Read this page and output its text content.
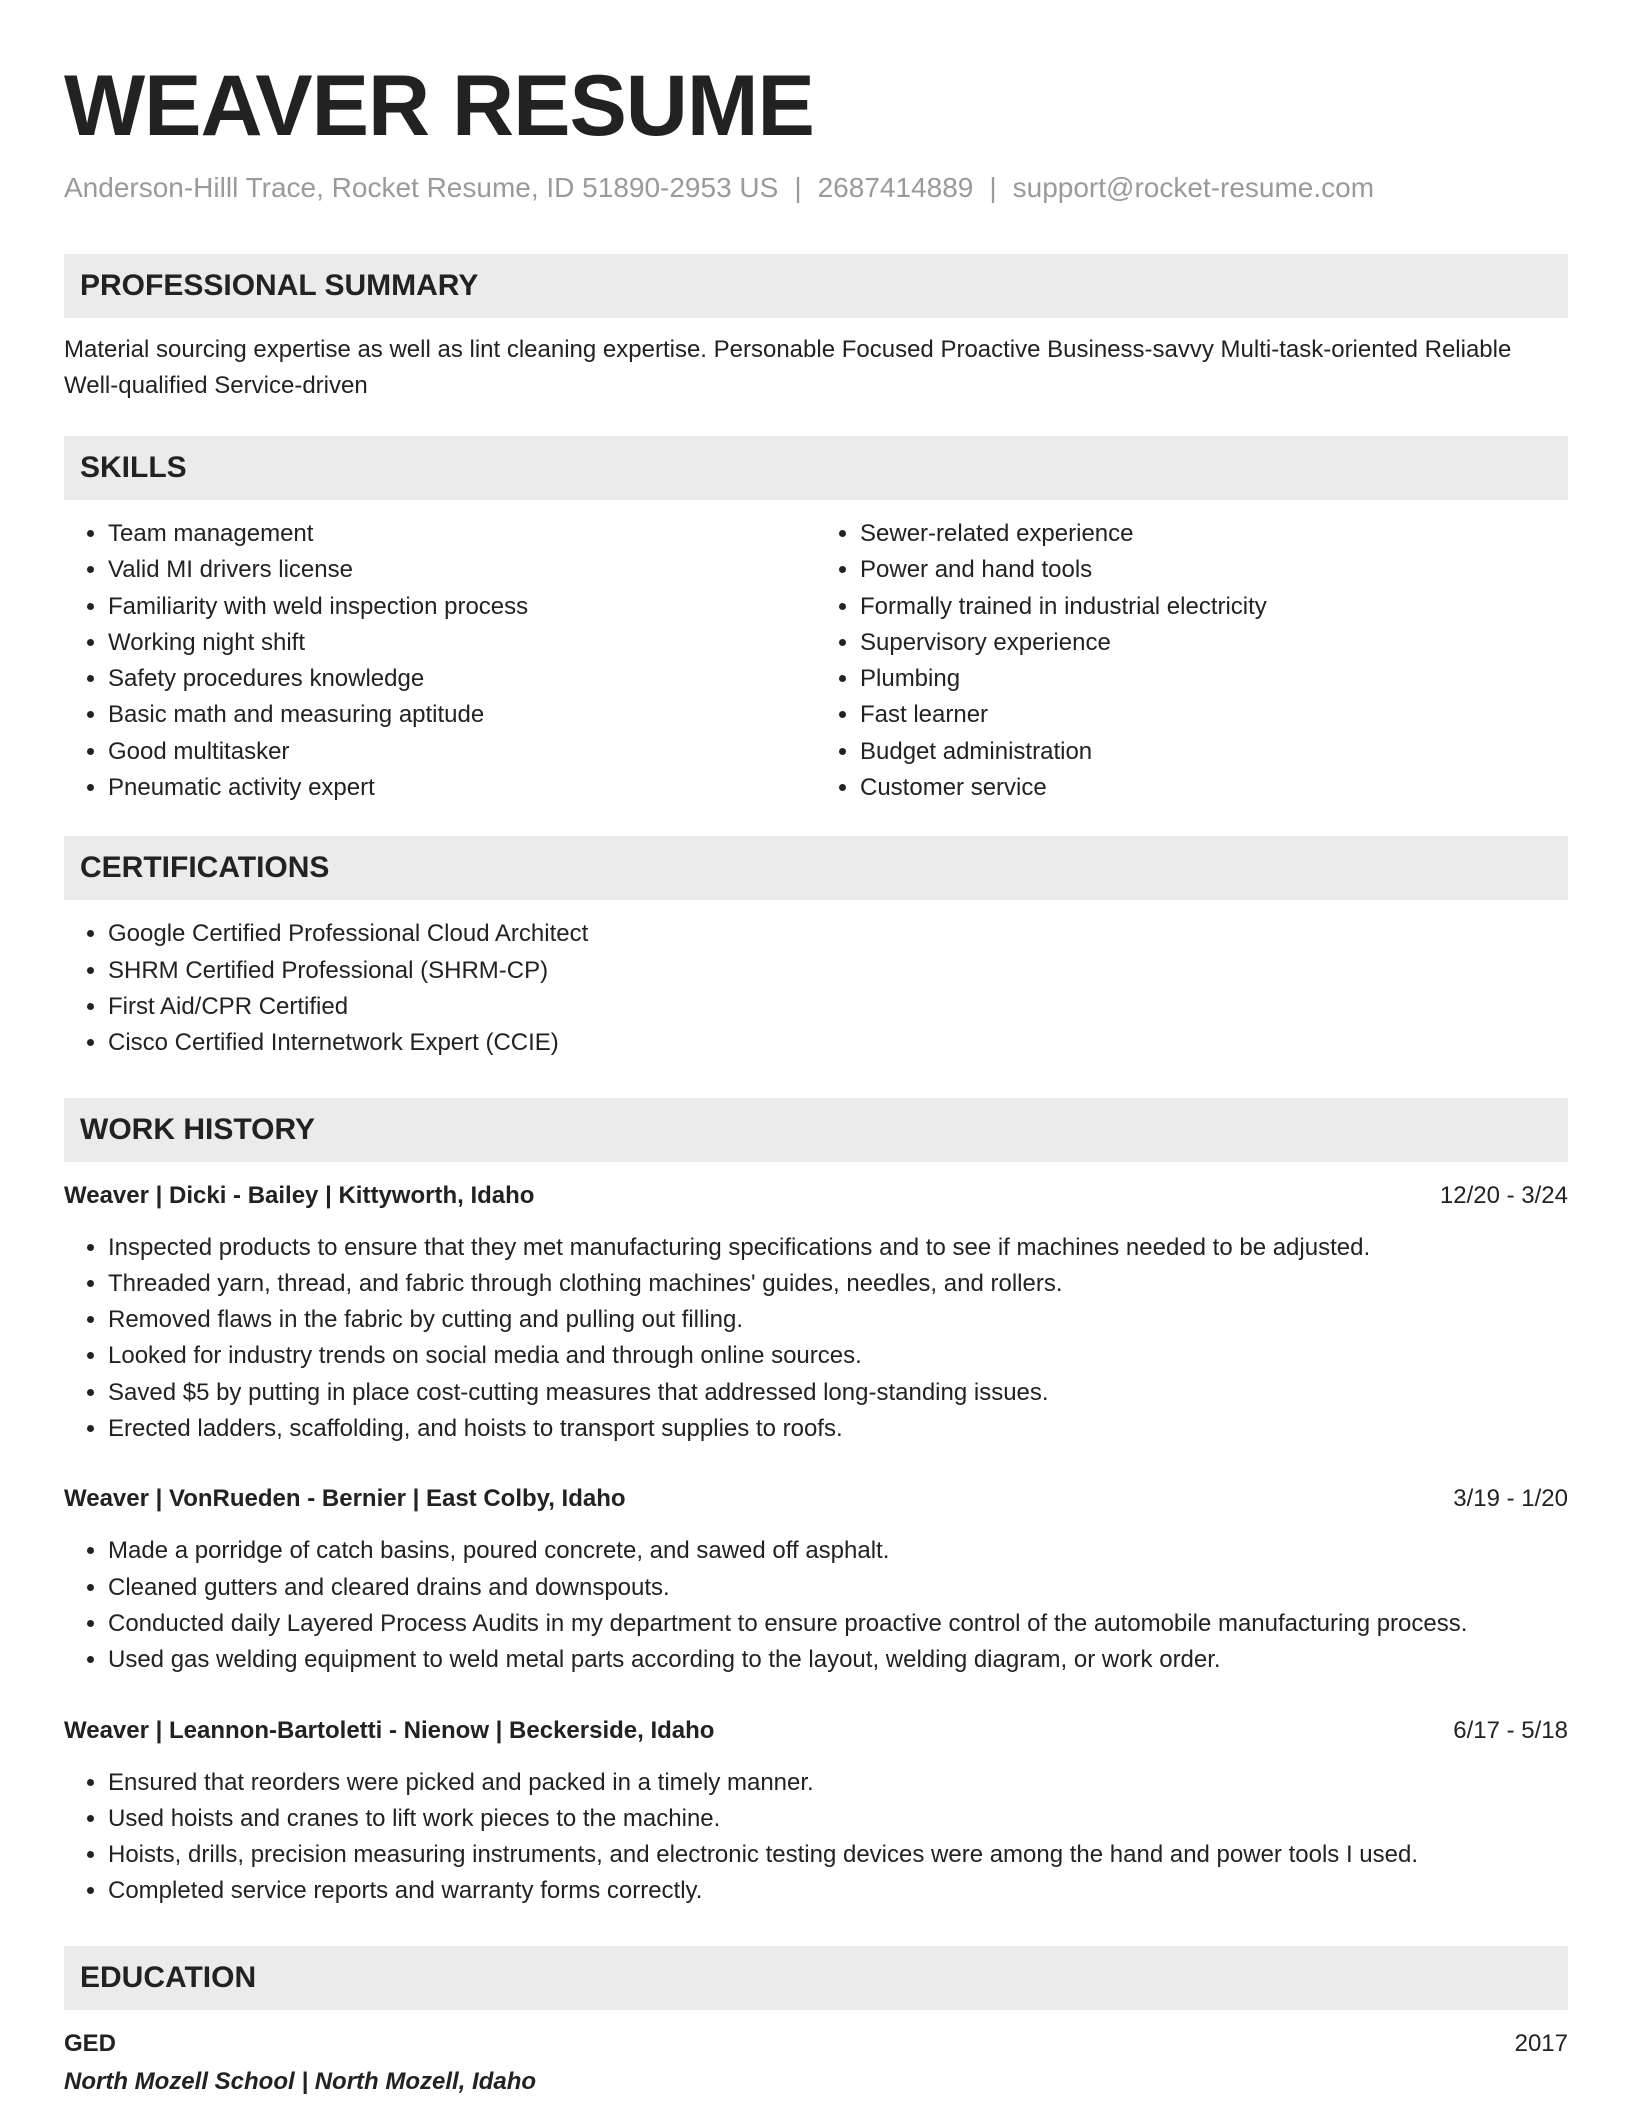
WEAVER RESUME
Anderson-Hilll Trace, Rocket Resume, ID 51890-2953 US | 2687414889 | support@rocket-resume.com
PROFESSIONAL SUMMARY
Material sourcing expertise as well as lint cleaning expertise. Personable Focused Proactive Business-savvy Multi-task-oriented Reliable Well-qualified Service-driven
SKILLS
• Team management
• Valid MI drivers license
• Familiarity with weld inspection process
• Working night shift
• Safety procedures knowledge
• Basic math and measuring aptitude
• Good multitasker
• Pneumatic activity expert
• Sewer-related experience
• Power and hand tools
• Formally trained in industrial electricity
• Supervisory experience
• Plumbing
• Fast learner
• Budget administration
• Customer service
CERTIFICATIONS
• Google Certified Professional Cloud Architect
• SHRM Certified Professional (SHRM-CP)
• First Aid/CPR Certified
• Cisco Certified Internetwork Expert (CCIE)
WORK HISTORY
Weaver | Dicki - Bailey | Kittyworth, Idaho	12/20 - 3/24
• Inspected products to ensure that they met manufacturing specifications and to see if machines needed to be adjusted.
• Threaded yarn, thread, and fabric through clothing machines' guides, needles, and rollers.
• Removed flaws in the fabric by cutting and pulling out filling.
• Looked for industry trends on social media and through online sources.
• Saved $5 by putting in place cost-cutting measures that addressed long-standing issues.
• Erected ladders, scaffolding, and hoists to transport supplies to roofs.
Weaver | VonRueden - Bernier | East Colby, Idaho	3/19 - 1/20
• Made a porridge of catch basins, poured concrete, and sawed off asphalt.
• Cleaned gutters and cleared drains and downspouts.
• Conducted daily Layered Process Audits in my department to ensure proactive control of the automobile manufacturing process.
• Used gas welding equipment to weld metal parts according to the layout, welding diagram, or work order.
Weaver | Leannon-Bartoletti - Nienow | Beckerside, Idaho	6/17 - 5/18
• Ensured that reorders were picked and packed in a timely manner.
• Used hoists and cranes to lift work pieces to the machine.
• Hoists, drills, precision measuring instruments, and electronic testing devices were among the hand and power tools I used.
• Completed service reports and warranty forms correctly.
EDUCATION
GED	2017
North Mozell School | North Mozell, Idaho
